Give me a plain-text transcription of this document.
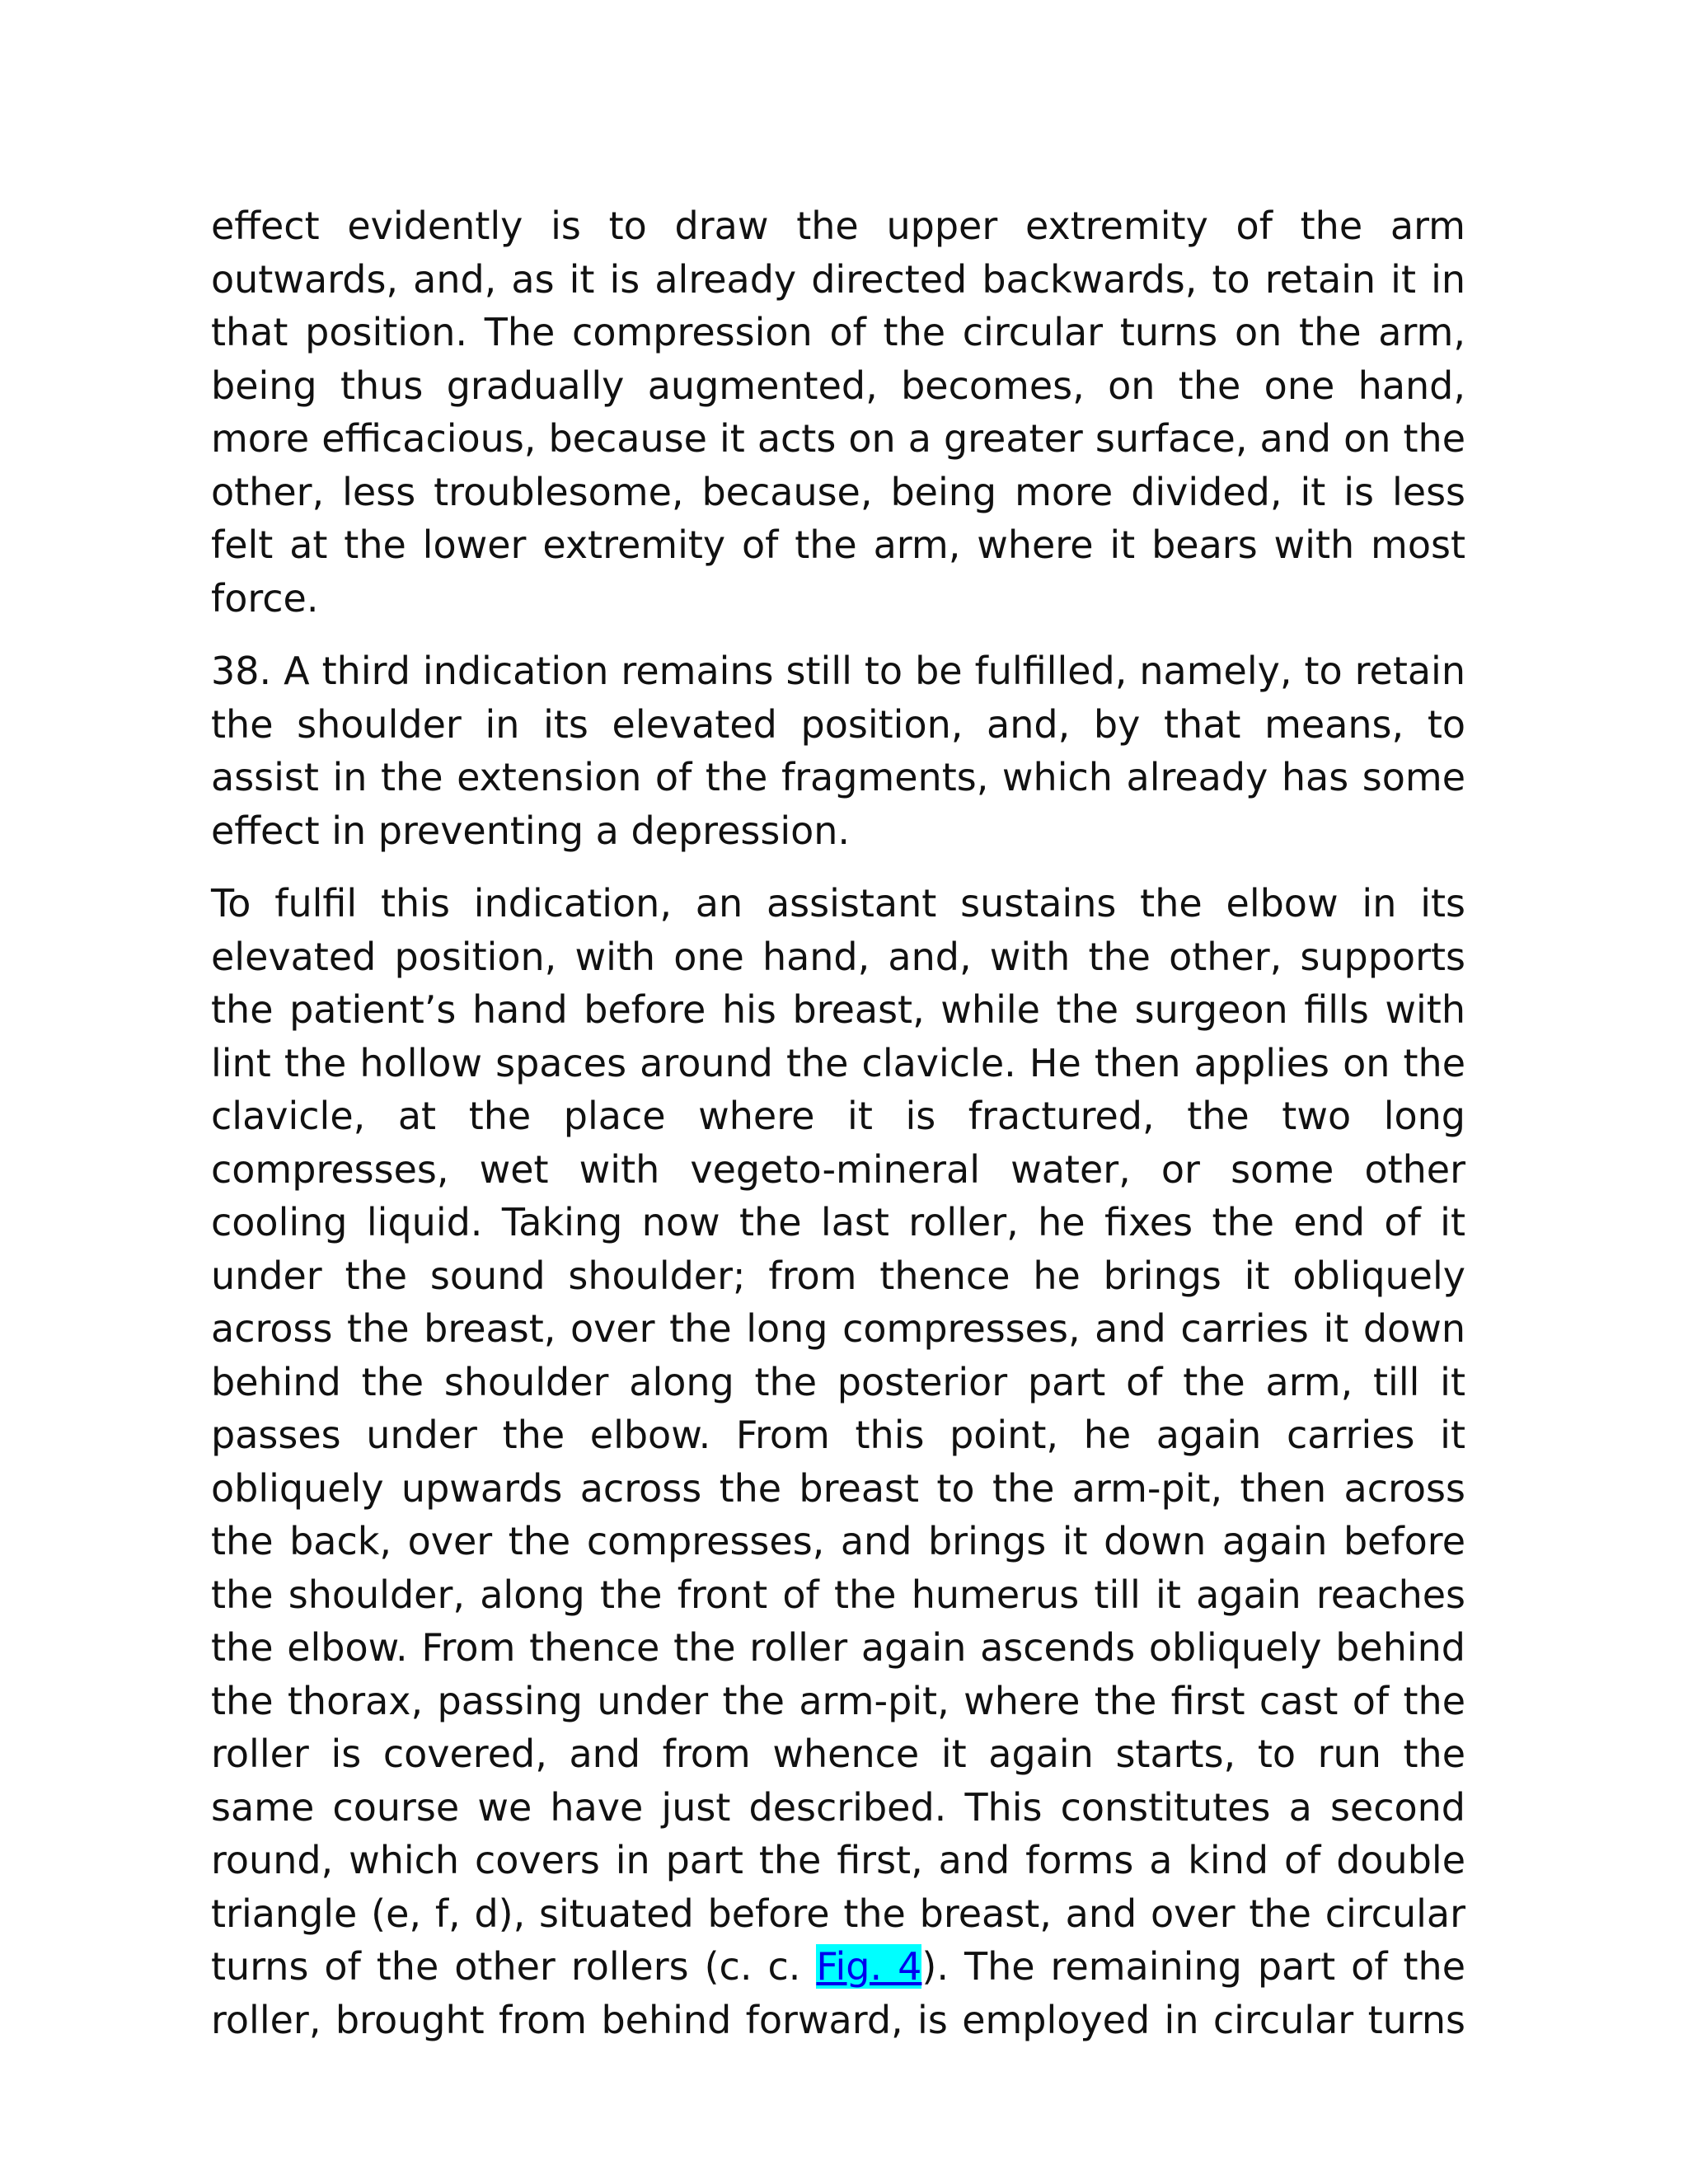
effect evidently is to draw the upper extremity of the arm outwards, and, as it is already directed backwards, to retain it in that position. The compression of the circular turns on the arm, being thus gradually augmented, becomes, on the one hand, more efficacious, because it acts on a greater surface, and on the other, less troublesome, because, being more divided, it is less felt at the lower extremity of the arm, where it bears with most force.

38. A third indication remains still to be fulfilled, namely, to retain the shoulder in its elevated position, and, by that means, to assist in the extension of the fragments, which already has some effect in preventing a depression.

To fulfil this indication, an assistant sustains the elbow in its elevated position, with one hand, and, with the other, supports the patient’s hand before his breast, while the surgeon fills with lint the hollow spaces around the clavicle. He then applies on the clavicle, at the place where it is fractured, the two long compresses, wet with vegeto-mineral water, or some other cooling liquid. Taking now the last roller, he fixes the end of it under the sound shoulder; from thence he brings it obliquely across the breast, over the long compresses, and carries it down behind the shoulder along the posterior part of the arm, till it passes under the elbow. From this point, he again carries it obliquely upwards across the breast to the arm-pit, then across the back, over the compresses, and brings it down again before the shoulder, along the front of the humerus till it again reaches the elbow. From thence the roller again ascends obliquely behind the thorax, passing under the arm-pit, where the first cast of the roller is covered, and from whence it again starts, to run the same course we have just described. This constitutes a second round, which covers in part the first, and forms a kind of double triangle (e, f, d), situated before the breast, and over the circular turns of the other rollers (c. c. Fig. 4). The remaining part of the roller, brought from behind forward, is employed in circular turns
